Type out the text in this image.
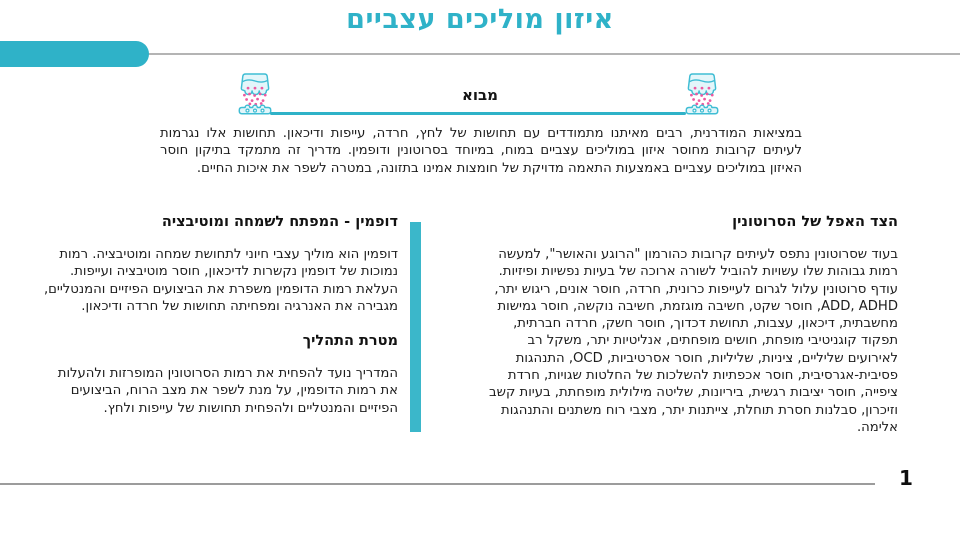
איזון מוליכים עצביים
מבוא

במציאות המודרנית, רבים מאיתנו מתמודדים עם תחושות של לחץ, חרדה, עייפות ודיכאון. תחושות אלו נגרמות לעיתים קרובות מחוסר איזון במוליכים עצביים במוח, במיוחד בסרוטונין ודופמין. מדריך זה מתמקד בתיקון חוסר האיזון במוליכים עצביים באמצעות התאמה מדויקת של חומצות אמינו בתזונה, במטרה לשפר את איכות החיים.

הצד האפל של הסרוטונין

בעוד שסרוטונין נתפס לעיתים קרובות כהורמון "הרוגע והאושר", למעשה רמות גבוהות שלו עשויות להוביל לשורה ארוכה של בעיות נפשיות ופיזיות. עודף סרוטונין עלול לגרום לעייפות כרונית, חרדה, חוסר אונים, ריגוש יתר, ADD, ADHD, חוסר שקט, חשיבה מוגזמת, חשיבה נוקשה, חוסר גמישות מחשבתית, דיכאון, עצבות, תחושת דכדוך, חוסר חשק, חרדה חברתית, תפקוד קוגניטיבי מופחת, חושים מופחתים, אנליטיות יתר, משקל רב לאירועים שליליים, ציניות, שליליות, חוסר אסרטיביות, OCD, התנהגות פסיבית-אגרסיבית, חוסר אכפתיות להשלכות של החלטות שגויות, חרדת ציפייה, חוסר יציבות רגשית, ביריונות, שליטה מילולית מופחתת, בעיות קשב וזיכרון, סבלנות חסרת תוחלת, צייתנות יתר, מצבי רוח משתנים והתנהגות אלימה.

דופמין - המפתח לשמחה ומוטיבציה

דופמין הוא מוליך עצבי חיוני לתחושת שמחה ומוטיבציה. רמות נמוכות של דופמין נקשרות לדיכאון, חוסר מוטיבציה ועייפות. העלאת רמות הדופמין משפרת את הביצועים הפיזיים והמנטליים, מגבירה את האנרגיה ומפחיתה תחושות של חרדה ודיכאון.

מטרת התהליך

המדריך נועד להפחית את רמות הסרוטונין המופרזות ולהעלות את רמות הדופמין, על מנת לשפר את מצב הרוח, הביצועים הפיזיים והמנטליים ולהפחית תחושות של עייפות ולחץ.

1
